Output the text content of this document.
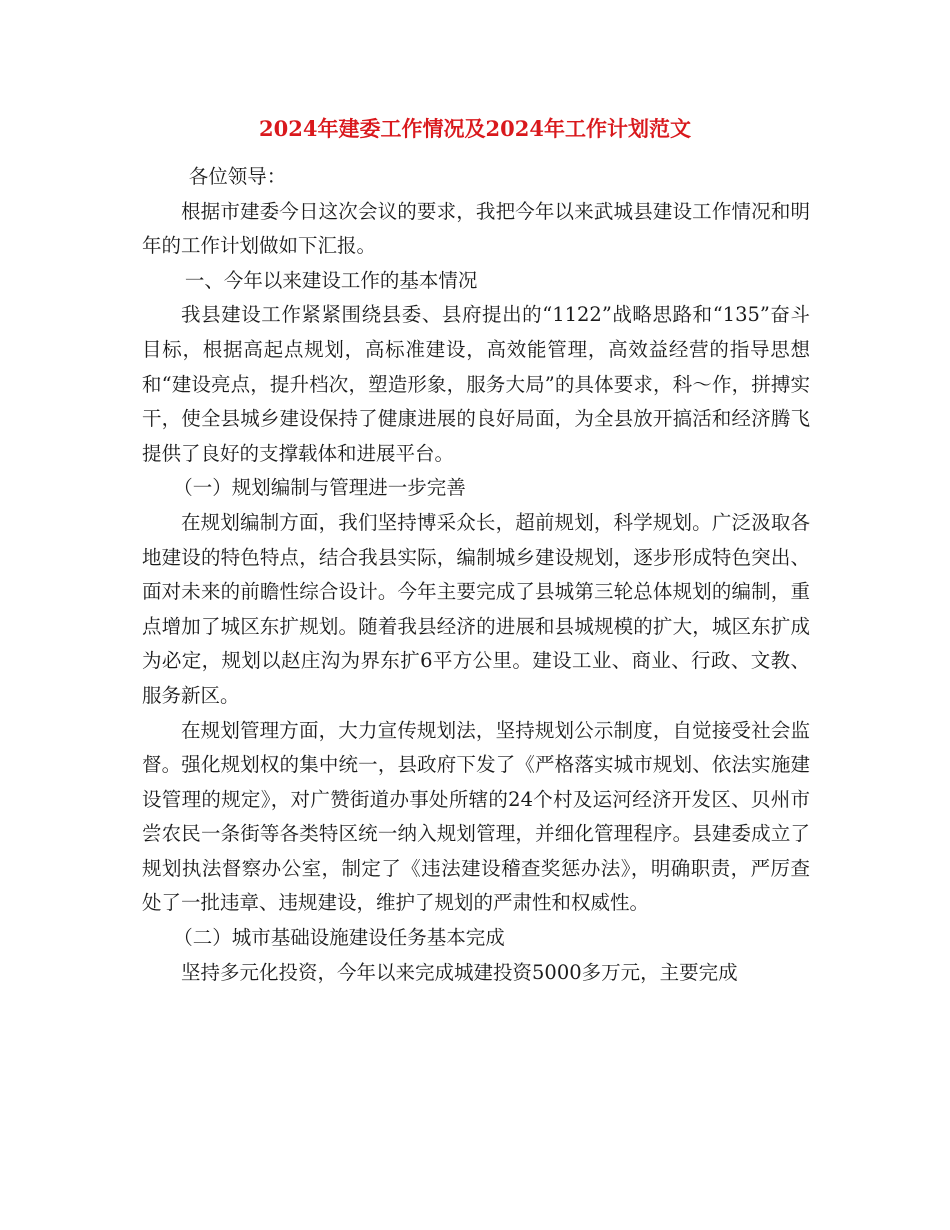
2024年建委工作情况及2024年工作计划范文

各位领导：

根据市建委今日这次会议的要求，我把今年以来武城县建设工作情况和明年的工作计划做如下汇报。

一、今年以来建设工作的基本情况

我县建设工作紧紧围绕县委、县府提出的“1122”战略思路和“135”奋斗目标，根据高起点规划，高标准建设，高效能管理，高效益经营的指导思想和“建设亮点，提升档次，塑造形象，服务大局”的具体要求，科～作，拼搏实干，使全县城乡建设保持了健康进展的良好局面，为全县放开搞活和经济腾飞提供了良好的支撑载体和进展平台。

（一）规划编制与管理进一步完善

在规划编制方面，我们坚持博采众长，超前规划，科学规划。广泛汲取各地建设的特色特点，结合我县实际，编制城乡建设规划，逐步形成特色突出、面对未来的前瞻性综合设计。今年主要完成了县城第三轮总体规划的编制，重点增加了城区东扩规划。随着我县经济的进展和县城规模的扩大，城区东扩成为必定，规划以赵庄沟为界东扩6平方公里。建设工业、商业、行政、文教、服务新区。

在规划管理方面，大力宣传规划法，坚持规划公示制度，自觉接受社会监督。强化规划权的集中统一，县政府下发了《严格落实城市规划、依法实施建设管理的规定》，对广赞街道办事处所辖的24个村及运河经济开发区、贝州市尝农民一条街等各类特区统一纳入规划管理，并细化管理程序。县建委成立了规划执法督察办公室，制定了《违法建设稽查奖惩办法》，明确职责，严厉查处了一批违章、违规建设，维护了规划的严肃性和权威性。

（二）城市基础设施建设任务基本完成

坚持多元化投资，今年以来完成城建投资5000多万元，主要完成
